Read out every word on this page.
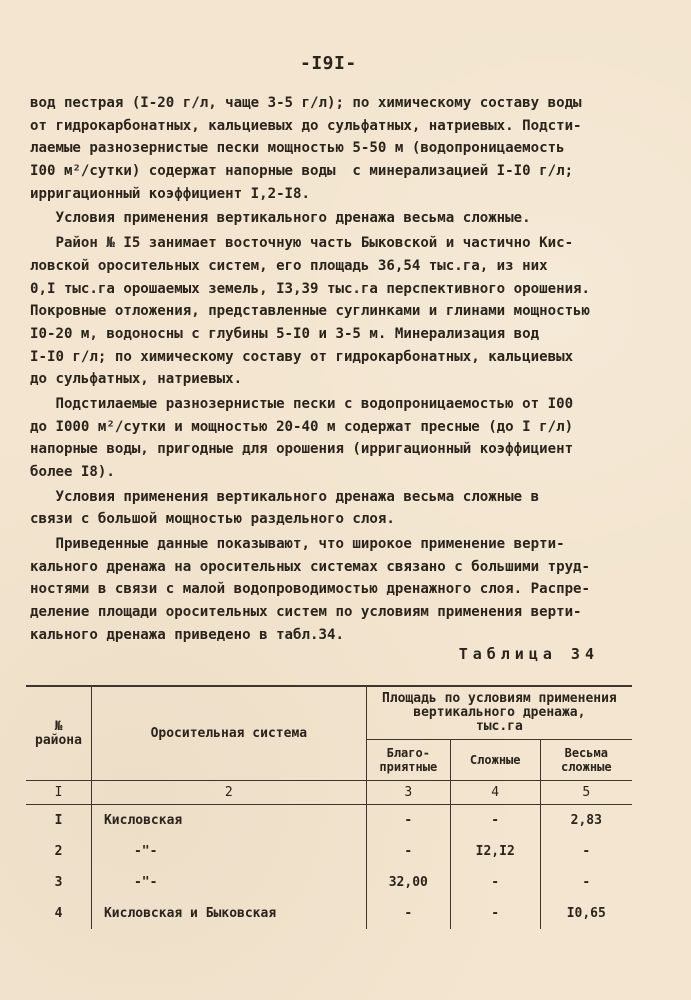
-I9I-
вод пестрая (I-20 г/л, чаще 3-5 г/л); по химическому составу воды
от гидрокарбонатных, кальциевых до сульфатных, натриевых. Подсти-
лаемые разнозернистые пески мощностью 5-50 м (водопроницаемость
I00 м²/сутки) содержат напорные воды  с минерализацией I-I0 г/л;
ирригационный коэффициент I,2-I8.
Условия применения вертикального дренажа весьма сложные.
Район № I5 занимает восточную часть Быковской и частично Кис-
ловской оросительных систем, его площадь 36,54 тыс.га, из них
0,I тыс.га орошаемых земель, I3,39 тыс.га перспективного орошения.
Покровные отложения, представленные суглинками и глинами мощностью
I0-20 м, водоносны с глубины 5-I0 и 3-5 м. Минерализация вод
I-I0 г/л; по химическому составу от гидрокарбонатных, кальциевых
до сульфатных, натриевых.
Подстилаемые разнозернистые пески с водопроницаемостью от I00
до I000 м²/сутки и мощностью 20-40 м содержат пресные (до I г/л)
напорные воды, пригодные для орошения (ирригационный коэффициент
более I8).
Условия применения вертикального дренажа весьма сложные в
связи с большой мощностью раздельного слоя.
Приведенные данные показывают, что широкое применение верти-
кального дренажа на оросительных системах связано с большими труд-
ностями в связи с малой водопроводимостью дренажного слоя. Распре-
деление площади оросительных систем по условиям применения верти-
кального дренажа приведено в табл.34.
Таблица 34
№
района	Оросительная система	Площадь по условиям применения
вертикального дренажа,
тыс.га		

		Благо-
приятные	Сложные	Весьма
сложные

I	2	3	4	5
I	Кисловская	-	-	2,83
2	-"-	-	I2,I2	-
3	-"-	32,00	-	-
4	Кисловская и Быковская	-	-	I0,65
